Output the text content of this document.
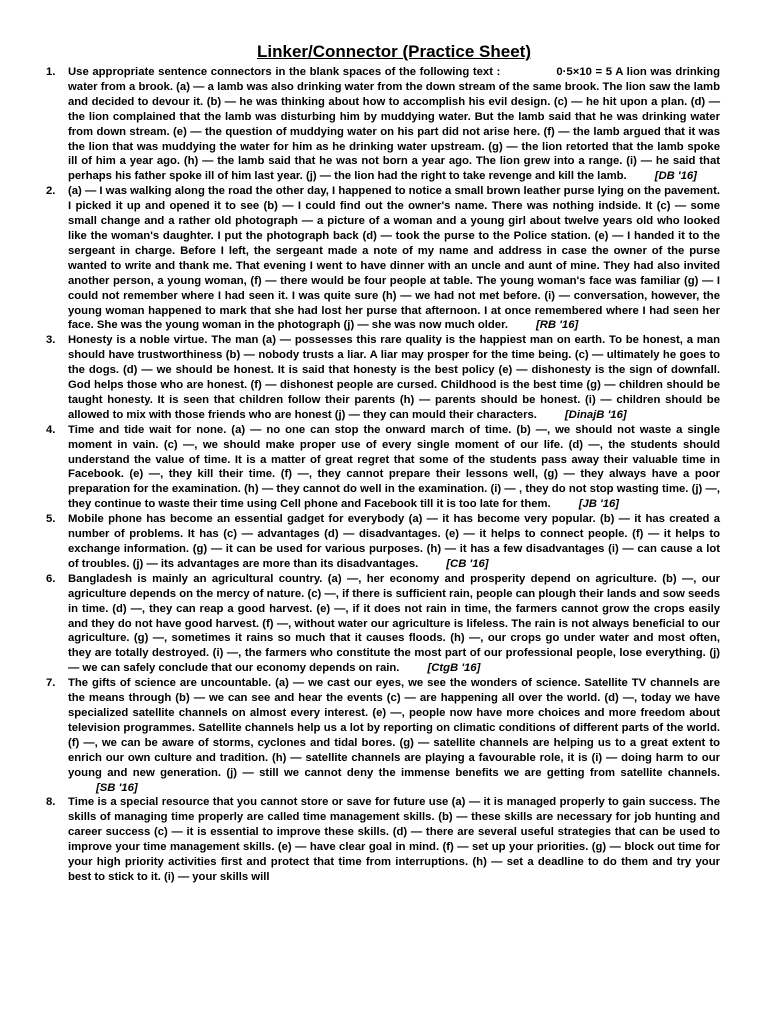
Linker/Connector (Practice Sheet)
1. Use appropriate sentence connectors in the blank spaces of the following text :	0·5×10 = 5 A lion was drinking water from a brook. (a) — a lamb was also drinking water from the down stream of the same brook. The lion saw the lamb and decided to devour it. (b) — he was thinking about how to accomplish his evil design. (c) — he hit upon a plan. (d) — the lion complained that the lamb was disturbing him by muddying water. But the lamb said that he was drinking water from down stream. (e) — the question of muddying water on his part did not arise here. (f) — the lamb argued that it was the lion that was muddying the water for him as he drinking water upstream. (g) — the lion retorted that the lamb spoke ill of him a year ago. (h) — the lamb said that he was not born a year ago. The lion grew into a range. (i) — he said that perhaps his father spoke ill of him last year. (j) — the lion had the right to take revenge and kill the lamb. [DB '16]
2. (a) — I was walking along the road the other day, I happened to notice a small brown leather purse lying on the pavement. I picked it up and opened it to see (b) — I could find out the owner's name. There was nothing indside. It (c) — some small change and a rather old photograph — a picture of a woman and a young girl about twelve years old who looked like the woman's daughter. I put the photograph back (d) — took the purse to the Police station. (e) — I handed it to the sergeant in charge. Before I left, the sergeant made a note of my name and address in case the owner of the purse wanted to write and thank me. That evening I went to have dinner with an uncle and aunt of mine. They had also invited another person, a young woman, (f) — there would be four people at table. The young woman's face was familiar (g) — I could not remember where I had seen it. I was quite sure (h) — we had not met before. (i) — conversation, however, the young woman happened to mark that she had lost her purse that afternoon. I at once remembered where I had seen her face. She was the young woman in the photograph (j) — she was now much older. [RB '16]
3. Honesty is a noble virtue. The man (a) — possesses this rare quality is the happiest man on earth. To be honest, a man should have trustworthiness (b) — nobody trusts a liar. A liar may prosper for the time being. (c) — ultimately he goes to the dogs. (d) — we should be honest. It is said that honesty is the best policy (e) — dishonesty is the sign of downfall. God helps those who are honest. (f) — dishonest people are cursed. Childhood is the best time (g) — children should be taught honesty. It is seen that children follow their parents (h) — parents should be honest. (i) — children should be allowed to mix with those friends who are honest (j) — they can mould their characters. [DinajB '16]
4. Time and tide wait for none. (a) — no one can stop the onward march of time. (b) —, we should not waste a single moment in vain. (c) —, we should make proper use of every single moment of our life. (d) —, the students should understand the value of time. It is a matter of great regret that some of the students pass away their valuable time in Facebook. (e) —, they kill their time. (f) —, they cannot prepare their lessons well, (g) — they always have a poor preparation for the examination. (h) — they cannot do well in the examination. (i) — , they do not stop wasting time. (j) —, they continue to waste their time using Cell phone and Facebook till it is too late for them. [JB '16]
5. Mobile phone has become an essential gadget for everybody (a) — it has become very popular. (b) — it has created a number of problems. It has (c) — advantages (d) — disadvantages. (e) — it helps to connect people. (f) — it helps to exchange information. (g) — it can be used for various purposes. (h) — it has a few disadvantages (i) — can cause a lot of troubles. (j) — its advantages are more than its disadvantages. [CB '16]
6. Bangladesh is mainly an agricultural country. (a) —, her economy and prosperity depend on agriculture. (b) —, our agriculture depends on the mercy of nature. (c) —, if there is sufficient rain, people can plough their lands and sow seeds in time. (d) —, they can reap a good harvest. (e) —, if it does not rain in time, the farmers cannot grow the crops easily and they do not have good harvest. (f) —, without water our agriculture is lifeless. The rain is not always beneficial to our agriculture. (g) —, sometimes it rains so much that it causes floods. (h) —, our crops go under water and most often, they are totally destroyed. (i) —, the farmers who constitute the most part of our professional people, lose everything. (j) — we can safely conclude that our economy depends on rain. [CtgB '16]
7. The gifts of science are uncountable. (a) — we cast our eyes, we see the wonders of science. Satellite TV channels are the means through (b) — we can see and hear the events (c) — are happening all over the world. (d) —, today we have specialized satellite channels on almost every interest. (e) —, people now have more choices and more freedom about television programmes. Satellite channels help us a lot by reporting on climatic conditions of different parts of the world. (f) —, we can be aware of storms, cyclones and tidal bores. (g) — satellite channels are helping us to a great extent to enrich our own culture and tradition. (h) — satellite channels are playing a favourable role, it is (i) — doing harm to our young and new generation. (j) — still we cannot deny the immense benefits we are getting from satellite channels.[SB '16]
8. Time is a special resource that you cannot store or save for future use (a) — it is managed properly to gain success. The skills of managing time properly are called time management skills. (b) — these skills are necessary for job hunting and career success (c) — it is essential to improve these skills. (d) — there are several useful strategies that can be used to improve your time management skills. (e) — have clear goal in mind. (f) — set up your priorities. (g) — block out time for your high priority activities first and protect that time from interruptions. (h) — set a deadline to do them and try your best to stick to it. (i) — your skills will
